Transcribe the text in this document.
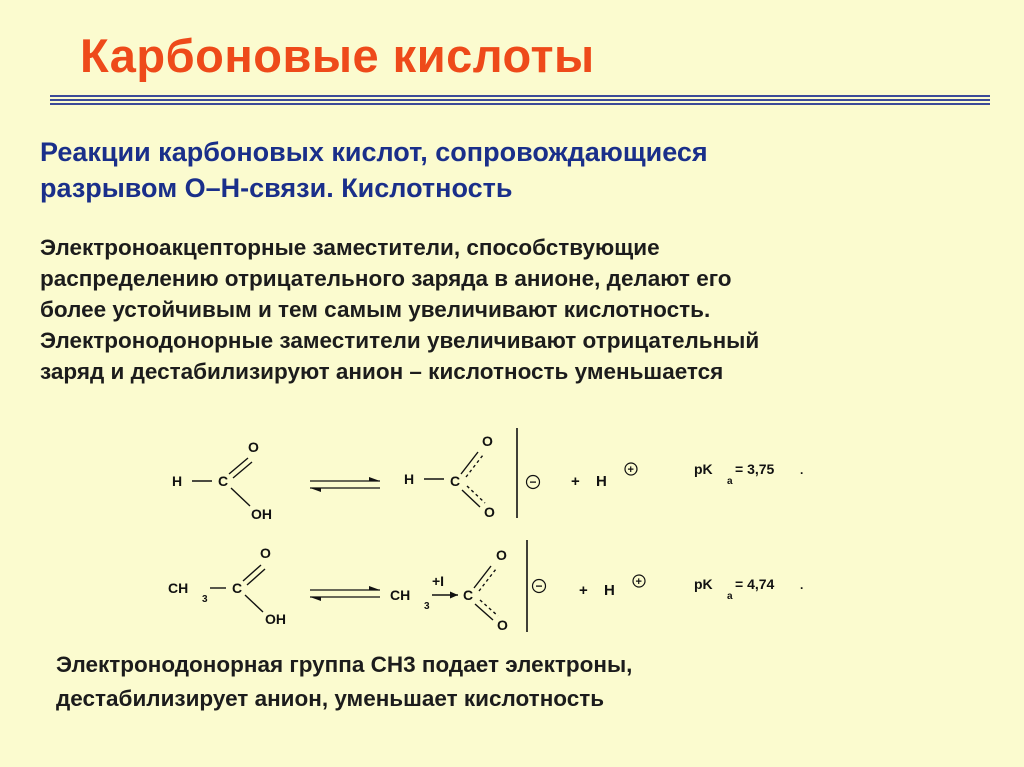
Карбоновые кислоты
Реакции карбоновых кислот, сопровождающиеся
разрывом О–Н-связи. Кислотность
Электроноакцепторные заместители, способствующие
распределению отрицательного заряда в анионе, делают его
более устойчивым и тем самым увеличивают кислотность.
Электронодонорные заместители увеличивают отрицательный
заряд и дестабилизируют анион – кислотность уменьшается
H	C
O
OH
H	C
O
O
− + H
+	pK
a
= 3,75 .
CH
3
C
O
OH
CH
3
+I
C
O
O
− + H +	pK
a
= 4,74 .
Электронодонорная группа СН3 подает электроны,
дестабилизирует анион, уменьшает кислотность
